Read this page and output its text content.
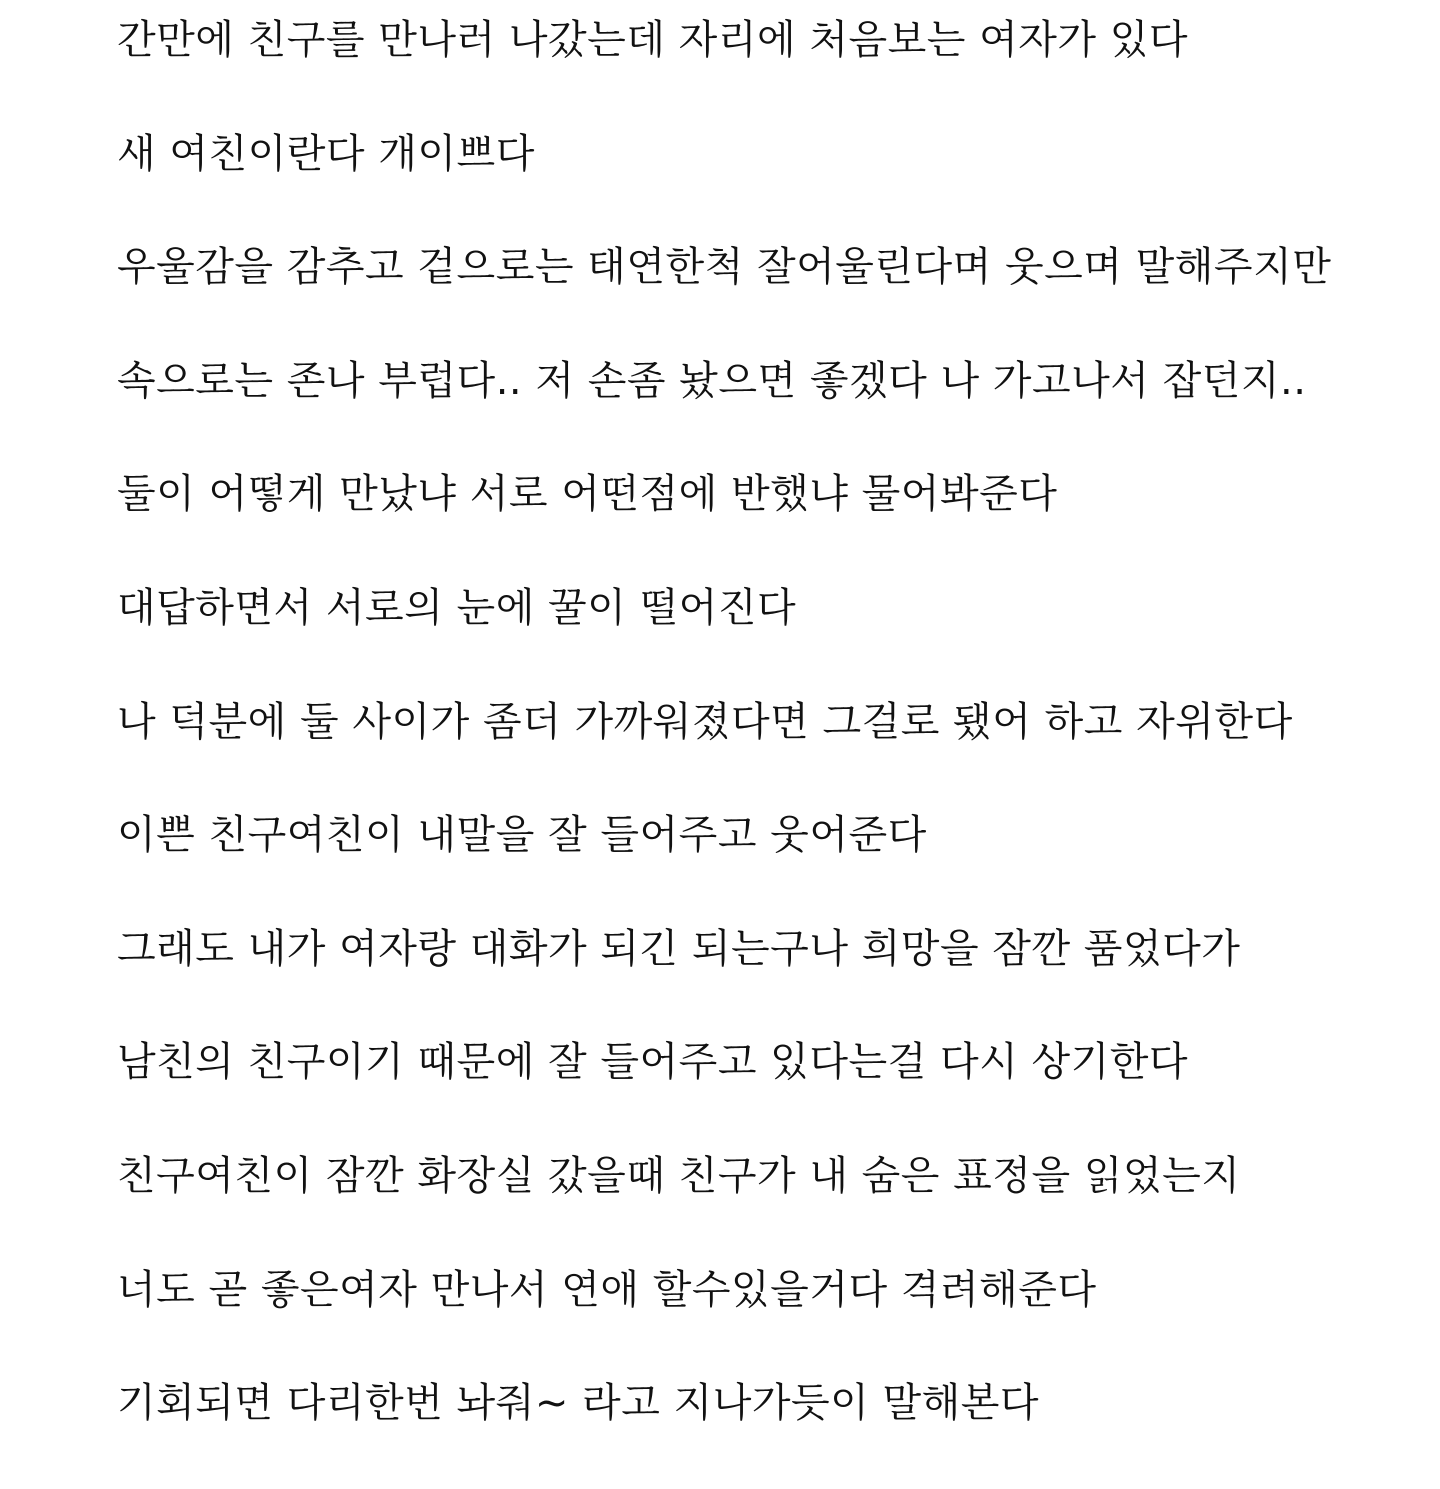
간만에 친구를 만나러 나갔는데 자리에 처음보는 여자가 있다
새 여친이란다 개이쁘다
우울감을 감추고 겉으로는 태연한척 잘어울린다며 웃으며 말해주지만
속으로는 존나 부럽다.. 저 손좀 놨으면 좋겠다 나 가고나서 잡던지..
둘이 어떻게 만났냐 서로 어떤점에 반했냐 물어봐준다
대답하면서 서로의 눈에 꿀이 떨어진다
나 덕분에 둘 사이가 좀더 가까워졌다면 그걸로 됐어 하고 자위한다
이쁜 친구여친이 내말을 잘 들어주고 웃어준다
그래도 내가 여자랑 대화가 되긴 되는구나 희망을 잠깐 품었다가
남친의 친구이기 때문에 잘 들어주고 있다는걸 다시 상기한다
친구여친이 잠깐 화장실 갔을때 친구가 내 숨은 표정을 읽었는지
너도 곧 좋은여자 만나서 연애 할수있을거다 격려해준다
기회되면 다리한번 놔줘~ 라고 지나가듯이 말해본다
